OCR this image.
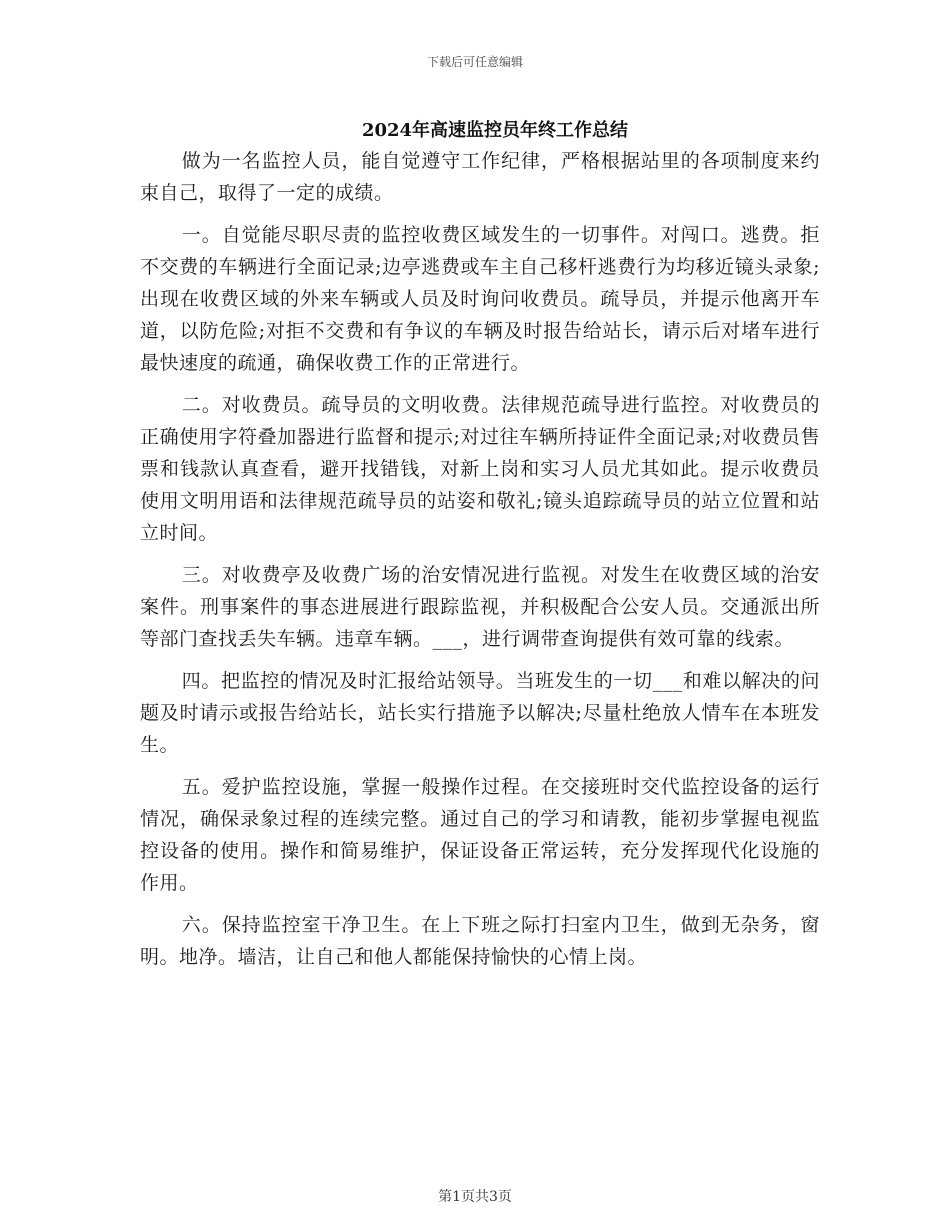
下载后可任意编辑
2024年高速监控员年终工作总结

做为一名监控人员，能自觉遵守工作纪律，严格根据站里的各项制度来约束自己，取得了一定的成绩。

一。自觉能尽职尽责的监控收费区域发生的一切事件。对闯口。逃费。拒不交费的车辆进行全面记录;边亭逃费或车主自己移杆逃费行为均移近镜头录象;出现在收费区域的外来车辆或人员及时询问收费员。疏导员，并提示他离开车道，以防危险;对拒不交费和有争议的车辆及时报告给站长，请示后对堵车进行最快速度的疏通，确保收费工作的正常进行。

二。对收费员。疏导员的文明收费。法律规范疏导进行监控。对收费员的正确使用字符叠加器进行监督和提示;对过往车辆所持证件全面记录;对收费员售票和钱款认真查看，避开找错钱，对新上岗和实习人员尤其如此。提示收费员使用文明用语和法律规范疏导员的站姿和敬礼;镜头追踪疏导员的站立位置和站立时间。

三。对收费亭及收费广场的治安情况进行监视。对发生在收费区域的治安案件。刑事案件的事态进展进行跟踪监视，并积极配合公安人员。交通派出所等部门查找丢失车辆。违章车辆。___，进行调带查询提供有效可靠的线索。

四。把监控的情况及时汇报给站领导。当班发生的一切___和难以解决的问题及时请示或报告给站长，站长实行措施予以解决;尽量杜绝放人情车在本班发生。

五。爱护监控设施，掌握一般操作过程。在交接班时交代监控设备的运行情况，确保录象过程的连续完整。通过自己的学习和请教，能初步掌握电视监控设备的使用。操作和简易维护，保证设备正常运转，充分发挥现代化设施的作用。

六。保持监控室干净卫生。在上下班之际打扫室内卫生，做到无杂务，窗明。地净。墙洁，让自己和他人都能保持愉快的心情上岗。

第1页共3页
